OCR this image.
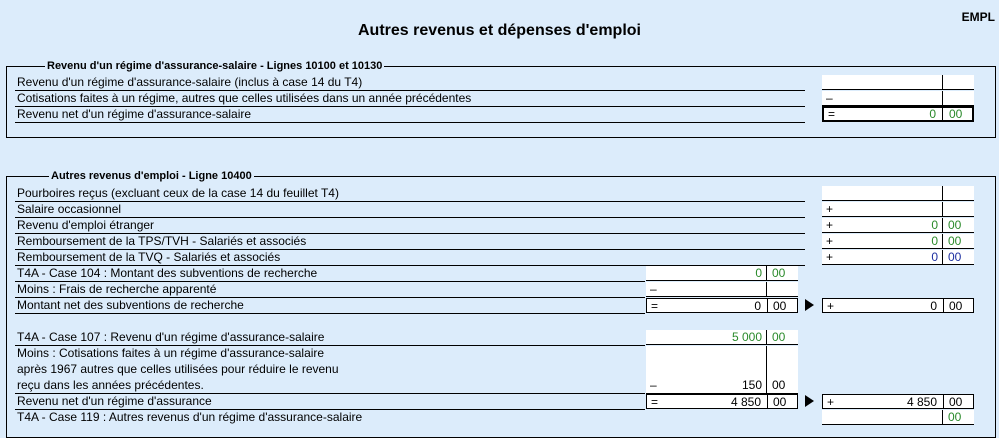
Autres revenus et dépenses d'emploi
EMPL
Revenu d'un régime d'assurance-salaire - Lignes 10100 et 10130
Revenu d'un régime d'assurance-salaire (inclus à case 14 du T4)
Cotisations faites à un régime, autres que celles utilisées dans un année précédentes	–
Revenu net d'un régime d'assurance-salaire	=	0 00
Autres revenus d'emploi - Ligne 10400
Pourboires reçus (excluant ceux de la case 14 du feuillet T4)
Salaire occasionnel	+
Revenu d'emploi étranger	+	0 00
Remboursement de la TPS/TVH - Salariés et associés	+	0 00
Remboursement de la TVQ - Salariés et associés	+	0 00
T4A - Case 104 : Montant des subventions de recherche	0 00
Moins : Frais de recherche apparenté	–
Montant net des subventions de recherche	=	0 00	+	0 00
T4A - Case 107 : Revenu d'un régime d'assurance-salaire	5 000 00
Moins : Cotisations faites à un régime d'assurance-salaire
après 1967 autres que celles utilisées pour réduire le revenu
reçu dans les années précédentes.	–	150 00
Revenu net d'un régime d'assurance	=	4 850 00	+	4 850 00
T4A - Case 119 : Autres revenus d'un régime d'assurance-salaire	00
